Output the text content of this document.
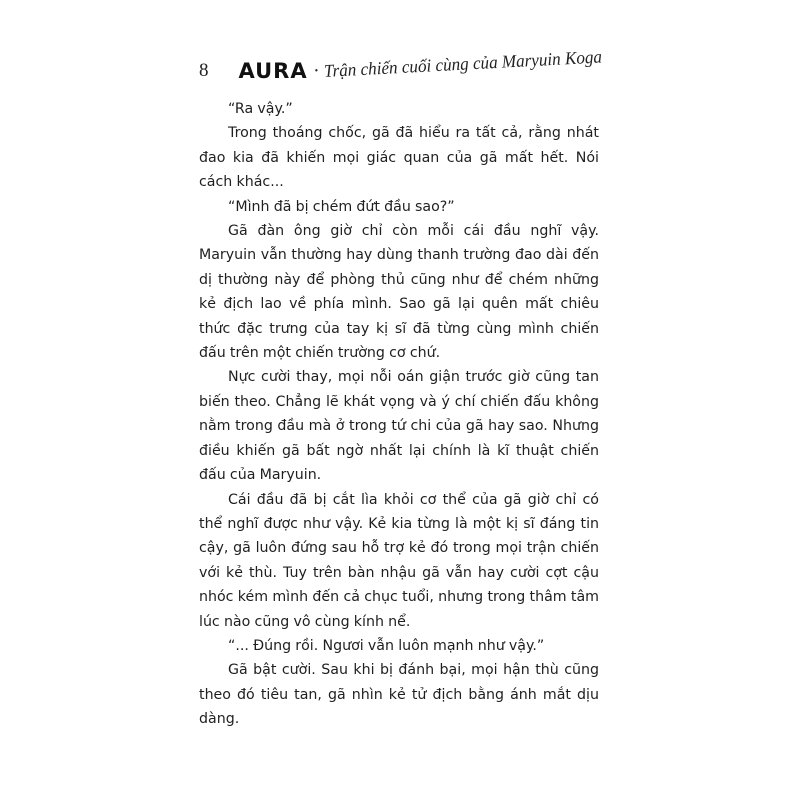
8 AURA • Trận chiến cuối cùng của Maryuin Koga

“Ra vậy.”

Trong thoáng chốc, gã đã hiểu ra tất cả, rằng nhát đao kia đã khiến mọi giác quan của gã mất hết. Nói cách khác...

“Mình đã bị chém đứt đầu sao?”

Gã đàn ông giờ chỉ còn mỗi cái đầu nghĩ vậy. Maryuin vẫn thường hay dùng thanh trường đao dài đến dị thường này để phòng thủ cũng như để chém những kẻ địch lao về phía mình. Sao gã lại quên mất chiêu thức đặc trưng của tay kị sĩ đã từng cùng mình chiến đấu trên một chiến trường cơ chứ.

Nực cười thay, mọi nỗi oán giận trước giờ cũng tan biến theo. Chẳng lẽ khát vọng và ý chí chiến đấu không nằm trong đầu mà ở trong tứ chi của gã hay sao. Nhưng điều khiến gã bất ngờ nhất lại chính là kĩ thuật chiến đấu của Maryuin.

Cái đầu đã bị cắt lìa khỏi cơ thể của gã giờ chỉ có thể nghĩ được như vậy. Kẻ kia từng là một kị sĩ đáng tin cậy, gã luôn đứng sau hỗ trợ kẻ đó trong mọi trận chiến với kẻ thù. Tuy trên bàn nhậu gã vẫn hay cười cợt cậu nhóc kém mình đến cả chục tuổi, nhưng trong thâm tâm lúc nào cũng vô cùng kính nể.

“... Đúng rồi. Ngươi vẫn luôn mạnh như vậy.”

Gã bật cười. Sau khi bị đánh bại, mọi hận thù cũng theo đó tiêu tan, gã nhìn kẻ tử địch bằng ánh mắt dịu dàng.
